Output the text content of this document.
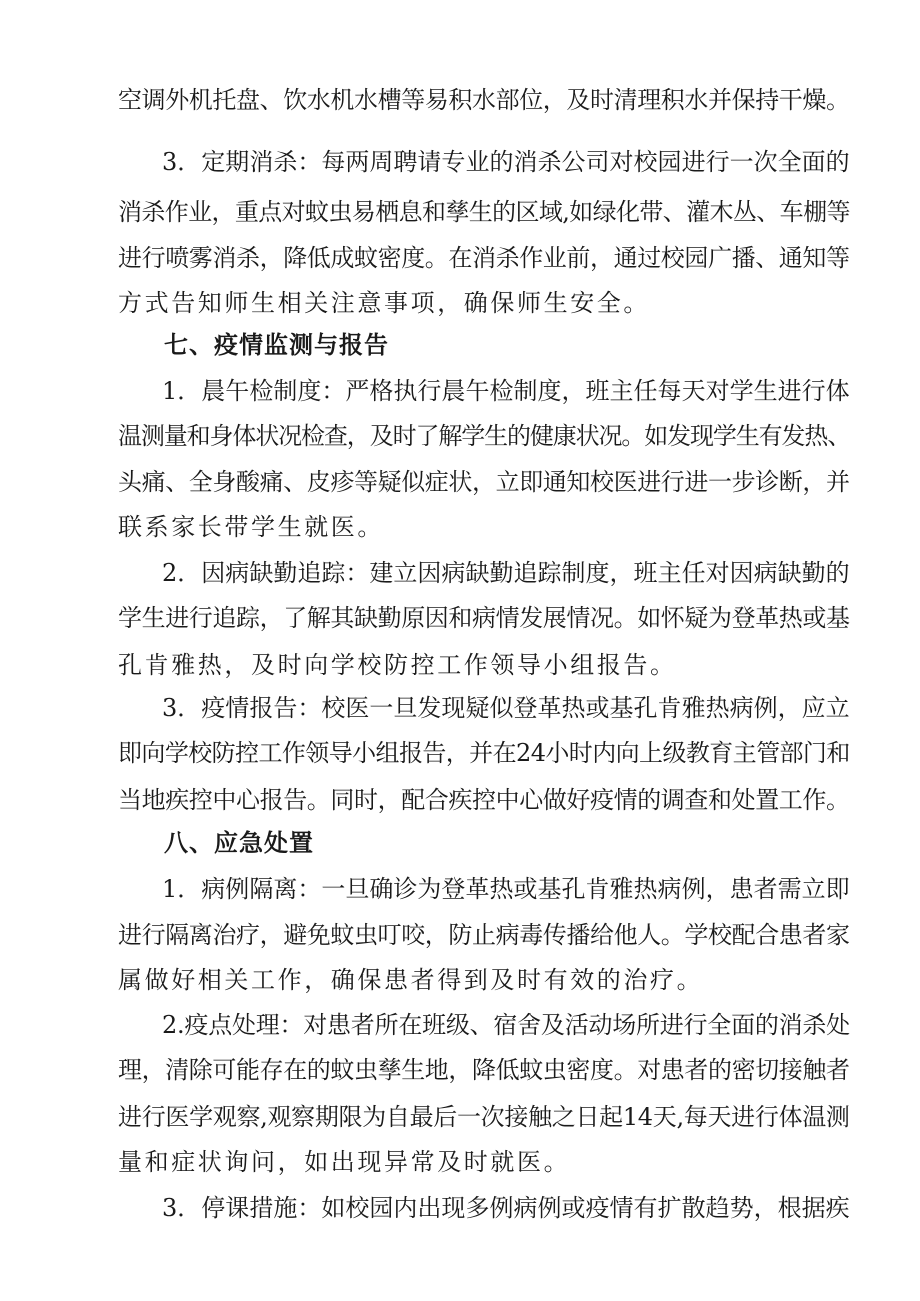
空调外机托盘、饮水机水槽等易积水部位，及时清理积水并保持干燥。
3．定期消杀：每两周聘请专业的消杀公司对校园进行一次全面的
消杀作业，重点对蚊虫易栖息和孳生的区域,如绿化带、灌木丛、车棚等
进行喷雾消杀，降低成蚊密度。在消杀作业前，通过校园广播、通知等
方式告知师生相关注意事项，确保师生安全。
七、疫情监测与报告
1．晨午检制度：严格执行晨午检制度，班主任每天对学生进行体
温测量和身体状况检查，及时了解学生的健康状况。如发现学生有发热、
头痛、全身酸痛、皮疹等疑似症状，立即通知校医进行进一步诊断，并
联系家长带学生就医。
2．因病缺勤追踪：建立因病缺勤追踪制度，班主任对因病缺勤的
学生进行追踪，了解其缺勤原因和病情发展情况。如怀疑为登革热或基
孔肯雅热，及时向学校防控工作领导小组报告。
3．疫情报告：校医一旦发现疑似登革热或基孔肯雅热病例，应立
即向学校防控工作领导小组报告，并在24小时内向上级教育主管部门和
当地疾控中心报告。同时，配合疾控中心做好疫情的调查和处置工作。
八、应急处置
1．病例隔离：一旦确诊为登革热或基孔肯雅热病例，患者需立即
进行隔离治疗，避免蚊虫叮咬，防止病毒传播给他人。学校配合患者家
属做好相关工作，确保患者得到及时有效的治疗。
2.疫点处理：对患者所在班级、宿舍及活动场所进行全面的消杀处
理，清除可能存在的蚊虫孳生地，降低蚊虫密度。对患者的密切接触者
进行医学观察,观察期限为自最后一次接触之日起14天,每天进行体温测
量和症状询问，如出现异常及时就医。
3．停课措施：如校园内出现多例病例或疫情有扩散趋势，根据疾
